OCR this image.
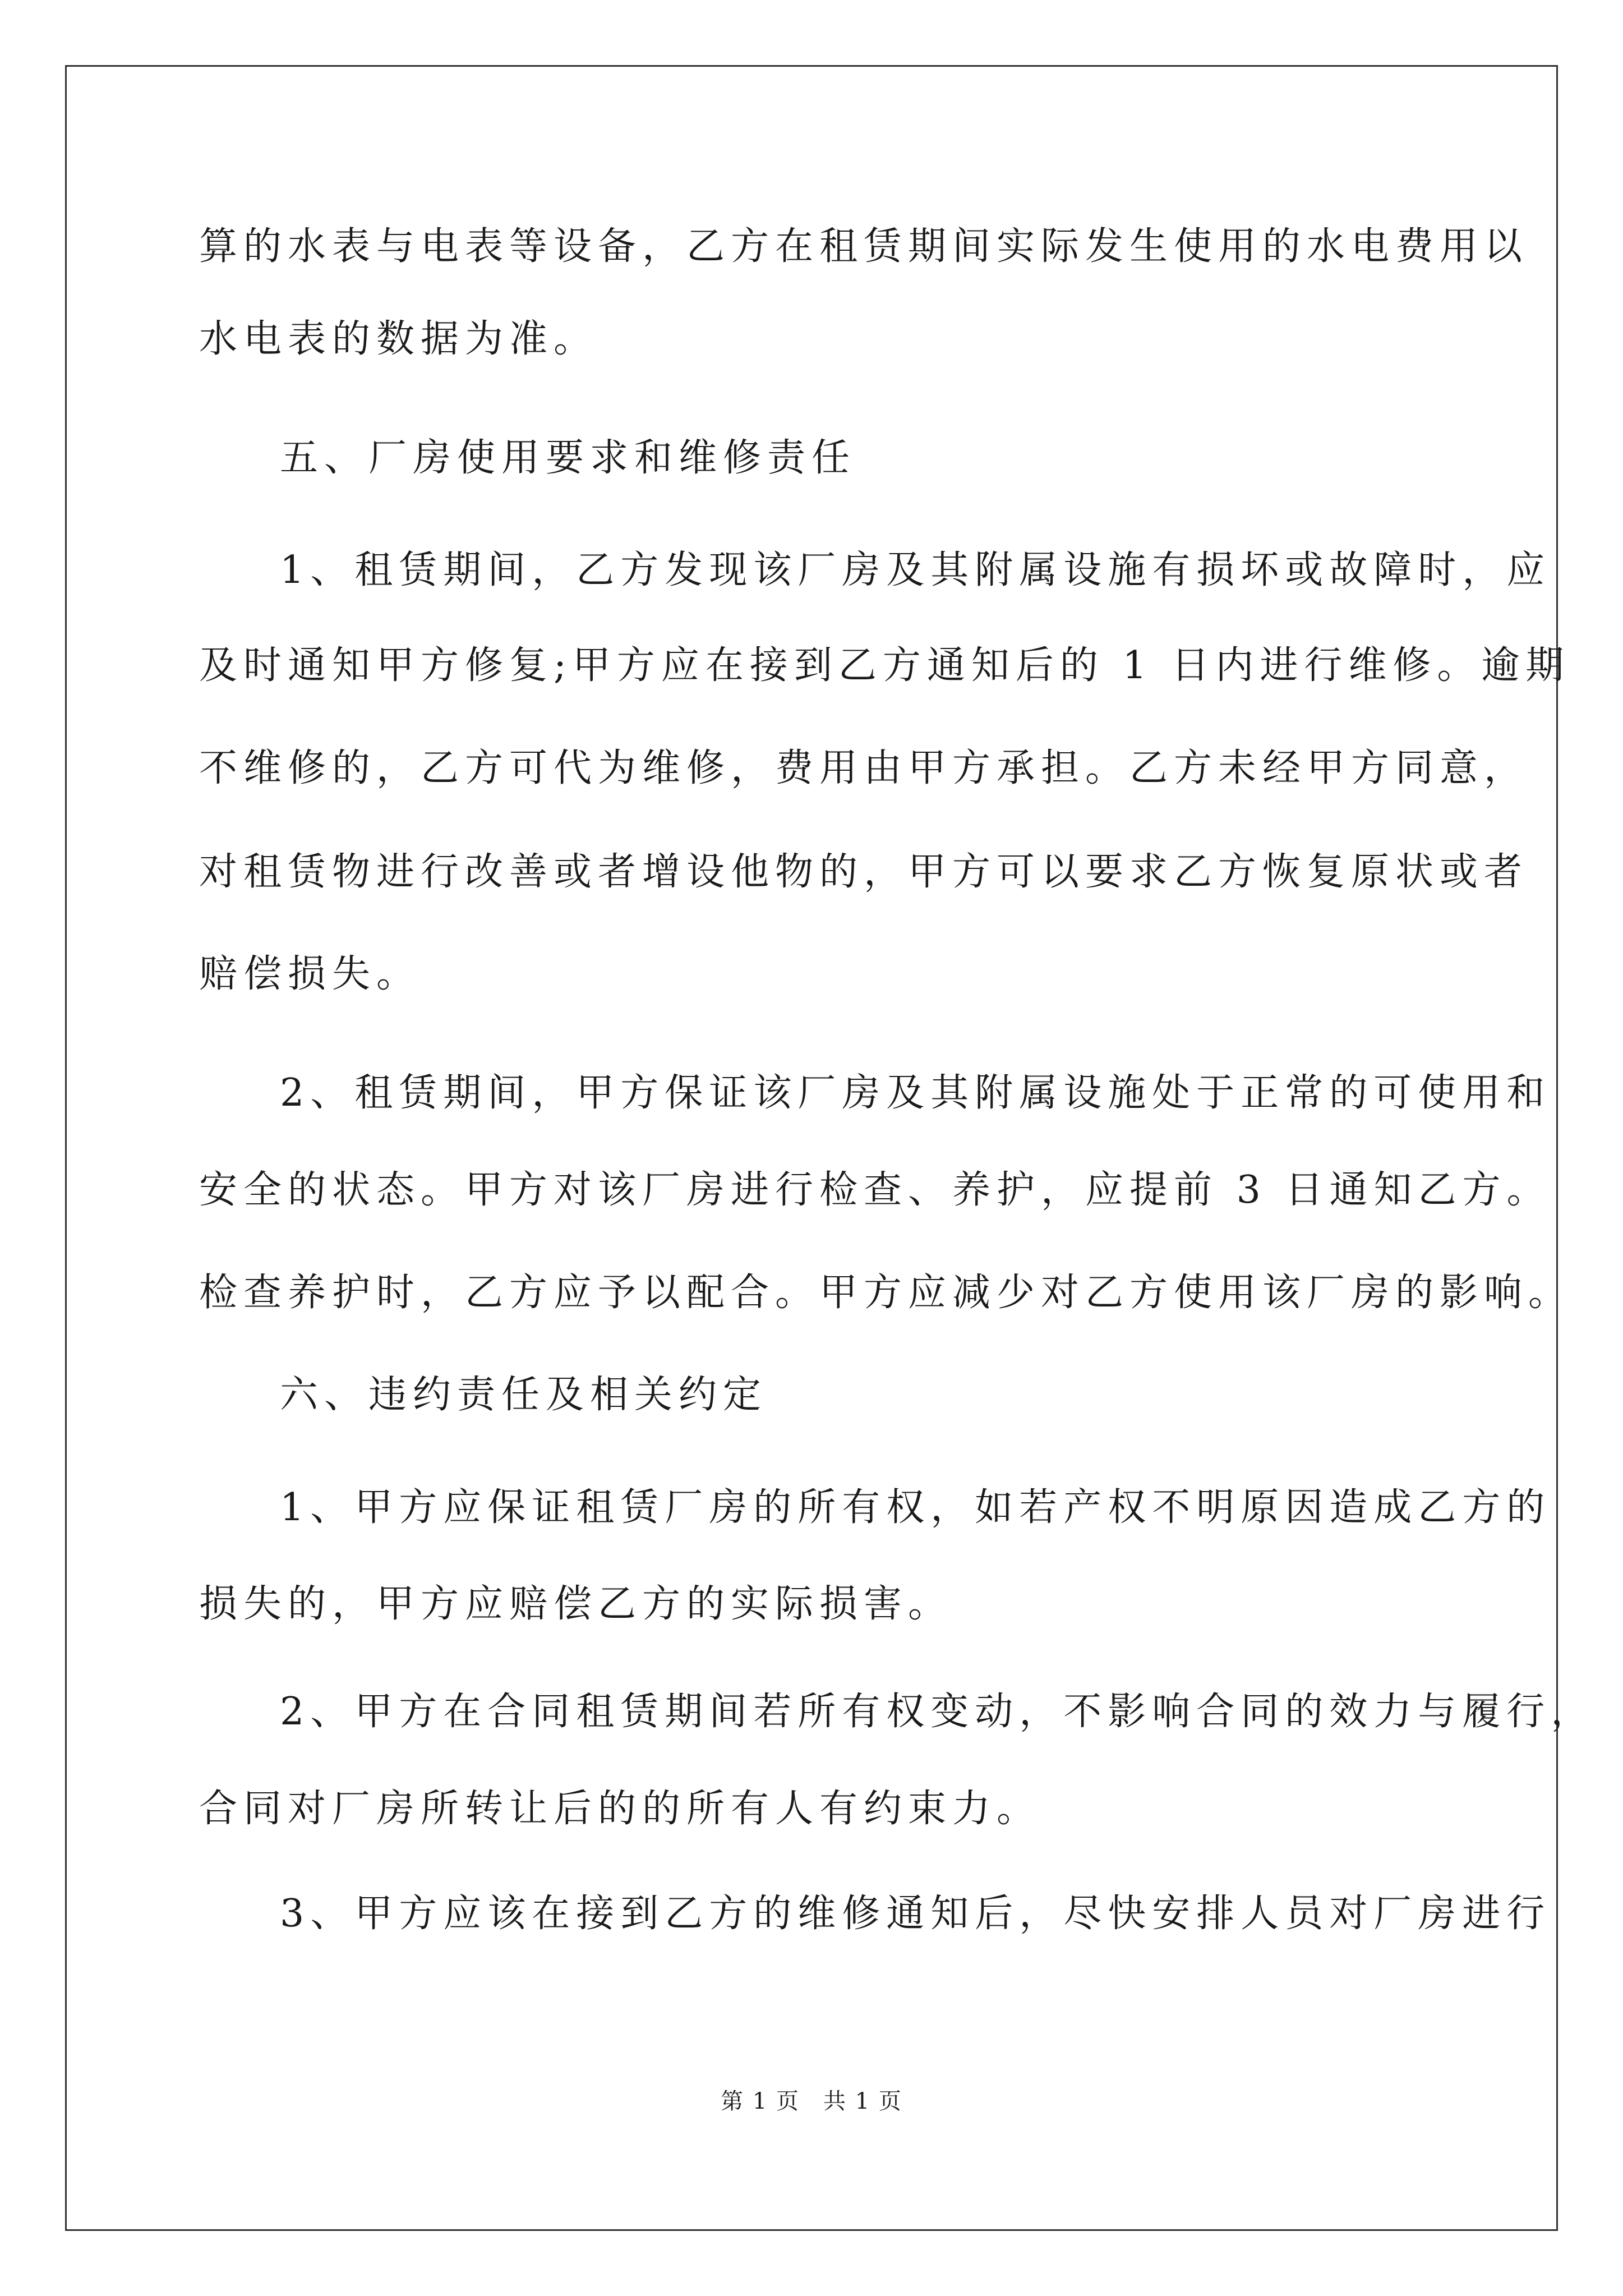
算的水表与电表等设备，乙方在租赁期间实际发生使用的水电费用以
水电表的数据为准。
五、厂房使用要求和维修责任
1、租赁期间，乙方发现该厂房及其附属设施有损坏或故障时，应
及时通知甲方修复;甲方应在接到乙方通知后的 1 日内进行维修。逾期
不维修的，乙方可代为维修，费用由甲方承担。乙方未经甲方同意，
对租赁物进行改善或者增设他物的，甲方可以要求乙方恢复原状或者
赔偿损失。
2、租赁期间，甲方保证该厂房及其附属设施处于正常的可使用和
安全的状态。甲方对该厂房进行检查、养护，应提前 3 日通知乙方。
检查养护时，乙方应予以配合。甲方应减少对乙方使用该厂房的影响。
六、违约责任及相关约定
1、甲方应保证租赁厂房的所有权，如若产权不明原因造成乙方的
损失的，甲方应赔偿乙方的实际损害。
2、甲方在合同租赁期间若所有权变动，不影响合同的效力与履行，
合同对厂房所转让后的的所有人有约束力。
3、甲方应该在接到乙方的维修通知后，尽快安排人员对厂房进行
第 1 页　共 1 页
